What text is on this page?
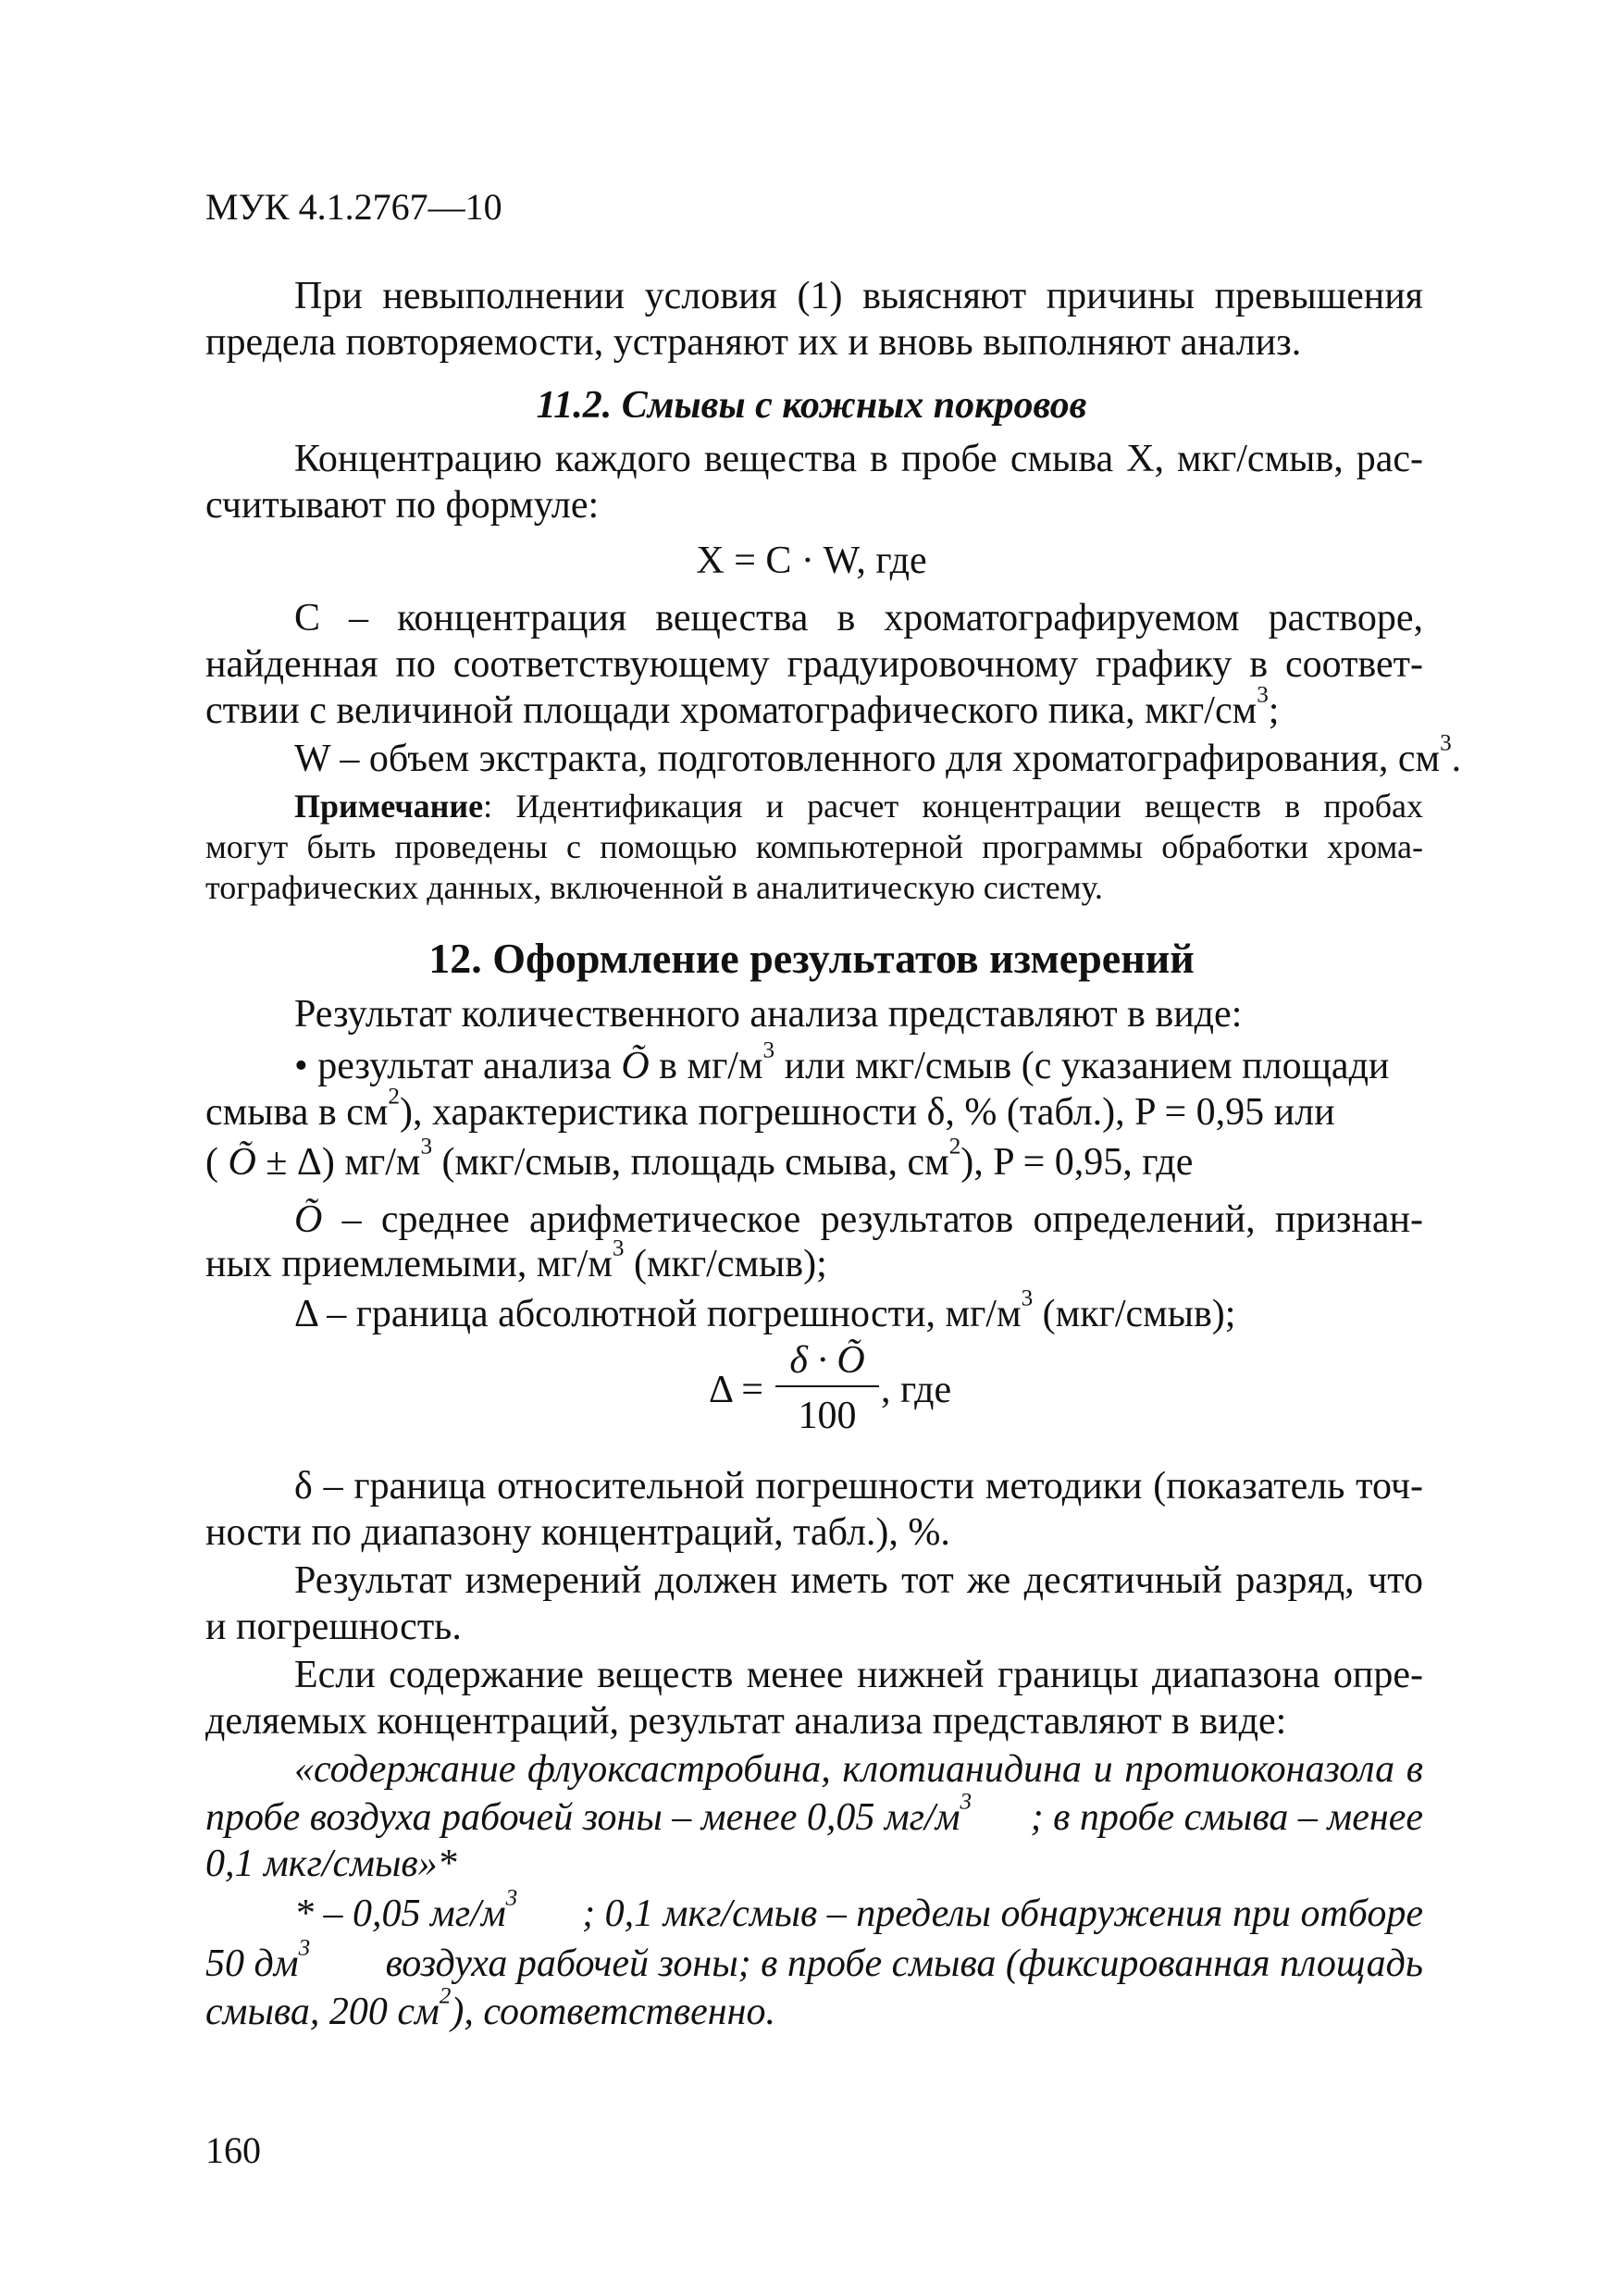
МУК 4.1.2767—10
При невыполнении условия (1) выясняют причины превышения
предела повторяемости, устраняют их и вновь выполняют анализ.
11.2. Смывы с кожных покровов
Концентрацию каждого вещества в пробе смыва X, мкг/смыв, рас-
считывают по формуле:
X = C · W, где
C – концентрация вещества в хроматографируемом растворе,
найденная по соответствующему градуировочному графику в соответ-
ствии с величиной площади хроматографического пика, мкг/$см^3$;
W – объем экстракта, подготовленного для хроматографирования, $см^3$.
Примечание: Идентификация и расчет концентрации веществ в пробах
могут быть проведены с помощью компьютерной программы обработки хрома-
тографических данных, включенной в аналитическую систему.
12. Оформление результатов измерений
Результат количественного анализа представляют в виде:
• результат анализа Õ в $мг/м^3$ или мкг/смыв (с указанием площади
смыва в $см^2$), характеристика погрешности δ, % (табл.), P = 0,95 или
( Õ ± Δ) $мг/м^3$ (мкг/смыв, площадь смыва, $см^2$), P = 0,95, где
Õ – среднее арифметическое результатов определений, признан-
ных приемлемыми, $мг/м^3$ (мкг/смыв);
Δ – граница абсолютной погрешности, $мг/м^3$ (мкг/смыв);
Δ =
δ · Õ
100
, где
δ – граница относительной погрешности методики (показатель точ-
ности по диапазону концентраций, табл.), %.
Результат измерений должен иметь тот же десятичный разряд, что
и погрешность.
Если содержание веществ менее нижней границы диапазона опре-
деляемых концентраций, результат анализа представляют в виде:
«содержание флуоксастробина, клотианидина и протиоконазола в
пробе воздуха рабочей зоны – менее 0,05 $мг/м^3$ ; в пробе смыва – менее
0,1 мкг/смыв»*
* – 0,05 $мг/м^3$ ; 0,1 мкг/смыв – пределы обнаружения при отборе
50 $дм^3$ воздуха рабочей зоны; в пробе смыва (фиксированная площадь
смыва, 200 $см^2$), соответственно.
160
